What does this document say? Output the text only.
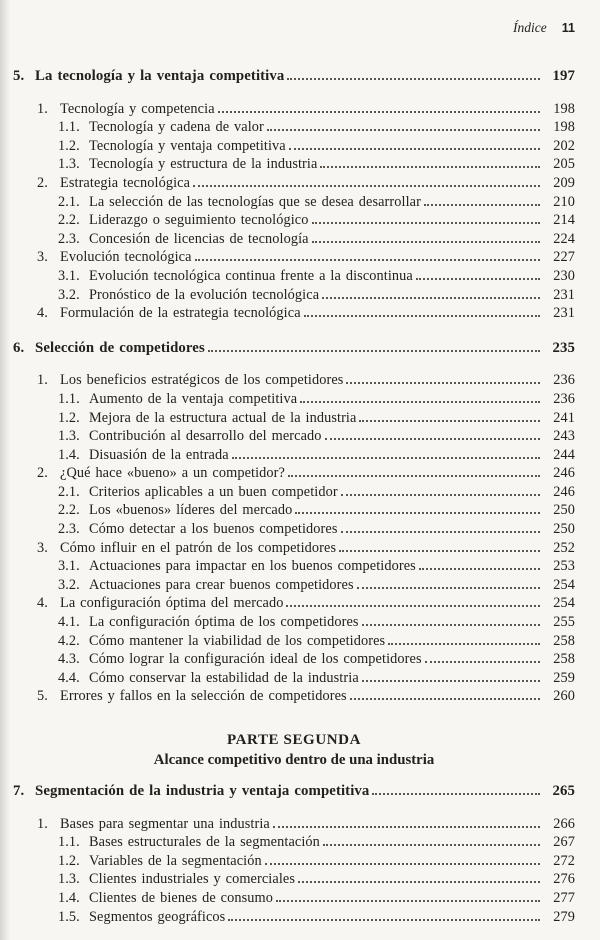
Índice 11
5. La tecnología y la ventaja competitiva	197
1. Tecnología y competencia	198
1.1. Tecnología y cadena de valor	198
1.2. Tecnología y ventaja competitiva	202
1.3. Tecnología y estructura de la industria	205
2. Estrategia tecnológica	209
2.1. La selección de las tecnologías que se desea desarrollar	210
2.2. Liderazgo o seguimiento tecnológico	214
2.3. Concesión de licencias de tecnología	224
3. Evolución tecnológica	227
3.1. Evolución tecnológica continua frente a la discontinua	230
3.2. Pronóstico de la evolución tecnológica	231
4. Formulación de la estrategia tecnológica	231
6. Selección de competidores	235
1. Los beneficios estratégicos de los competidores	236
1.1. Aumento de la ventaja competitiva	236
1.2. Mejora de la estructura actual de la industria	241
1.3. Contribución al desarrollo del mercado	243
1.4. Disuasión de la entrada	244
2. ¿Qué hace «bueno» a un competidor?	246
2.1. Criterios aplicables a un buen competidor	246
2.2. Los «buenos» líderes del mercado	250
2.3. Cómo detectar a los buenos competidores	250
3. Cómo influir en el patrón de los competidores	252
3.1. Actuaciones para impactar en los buenos competidores	253
3.2. Actuaciones para crear buenos competidores	254
4. La configuración óptima del mercado	254
4.1. La configuración óptima de los competidores	255
4.2. Cómo mantener la viabilidad de los competidores	258
4.3. Cómo lograr la configuración ideal de los competidores	258
4.4. Cómo conservar la estabilidad de la industria	259
5. Errores y fallos en la selección de competidores	260
PARTE SEGUNDA
Alcance competitivo dentro de una industria
7. Segmentación de la industria y ventaja competitiva	265
1. Bases para segmentar una industria	266
1.1. Bases estructurales de la segmentación	267
1.2. Variables de la segmentación	272
1.3. Clientes industriales y comerciales	276
1.4. Clientes de bienes de consumo	277
1.5. Segmentos geográficos	279
